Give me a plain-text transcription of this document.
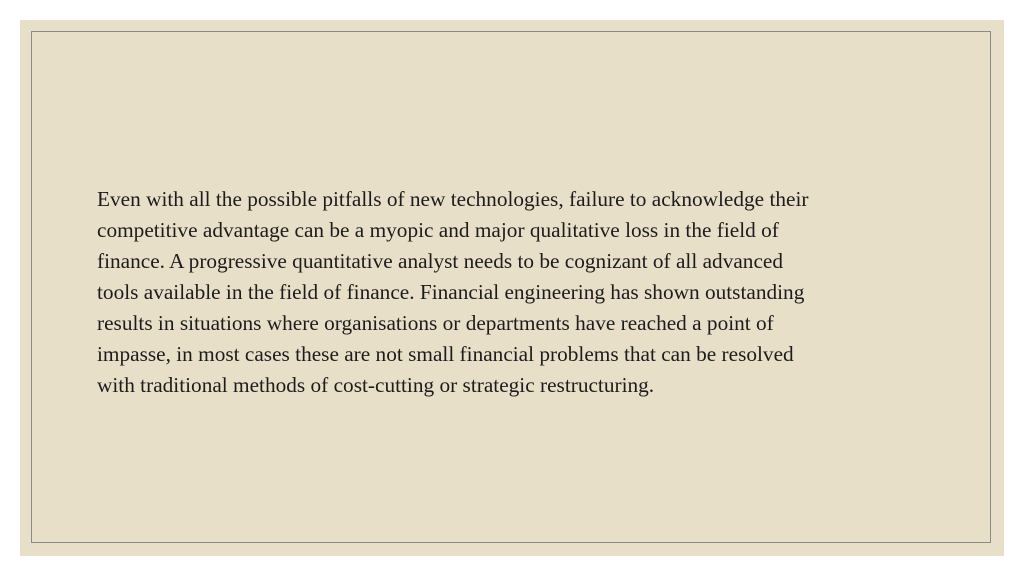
Even with all the possible pitfalls of new technologies, failure to acknowledge their
competitive advantage can be a myopic and major qualitative loss in the field of
finance. A progressive quantitative analyst needs to be cognizant of all advanced
tools available in the field of finance. Financial engineering has shown outstanding
results in situations where organisations or departments have reached a point of
impasse, in most cases these are not small financial problems that can be resolved
with traditional methods of cost-cutting or strategic restructuring.
